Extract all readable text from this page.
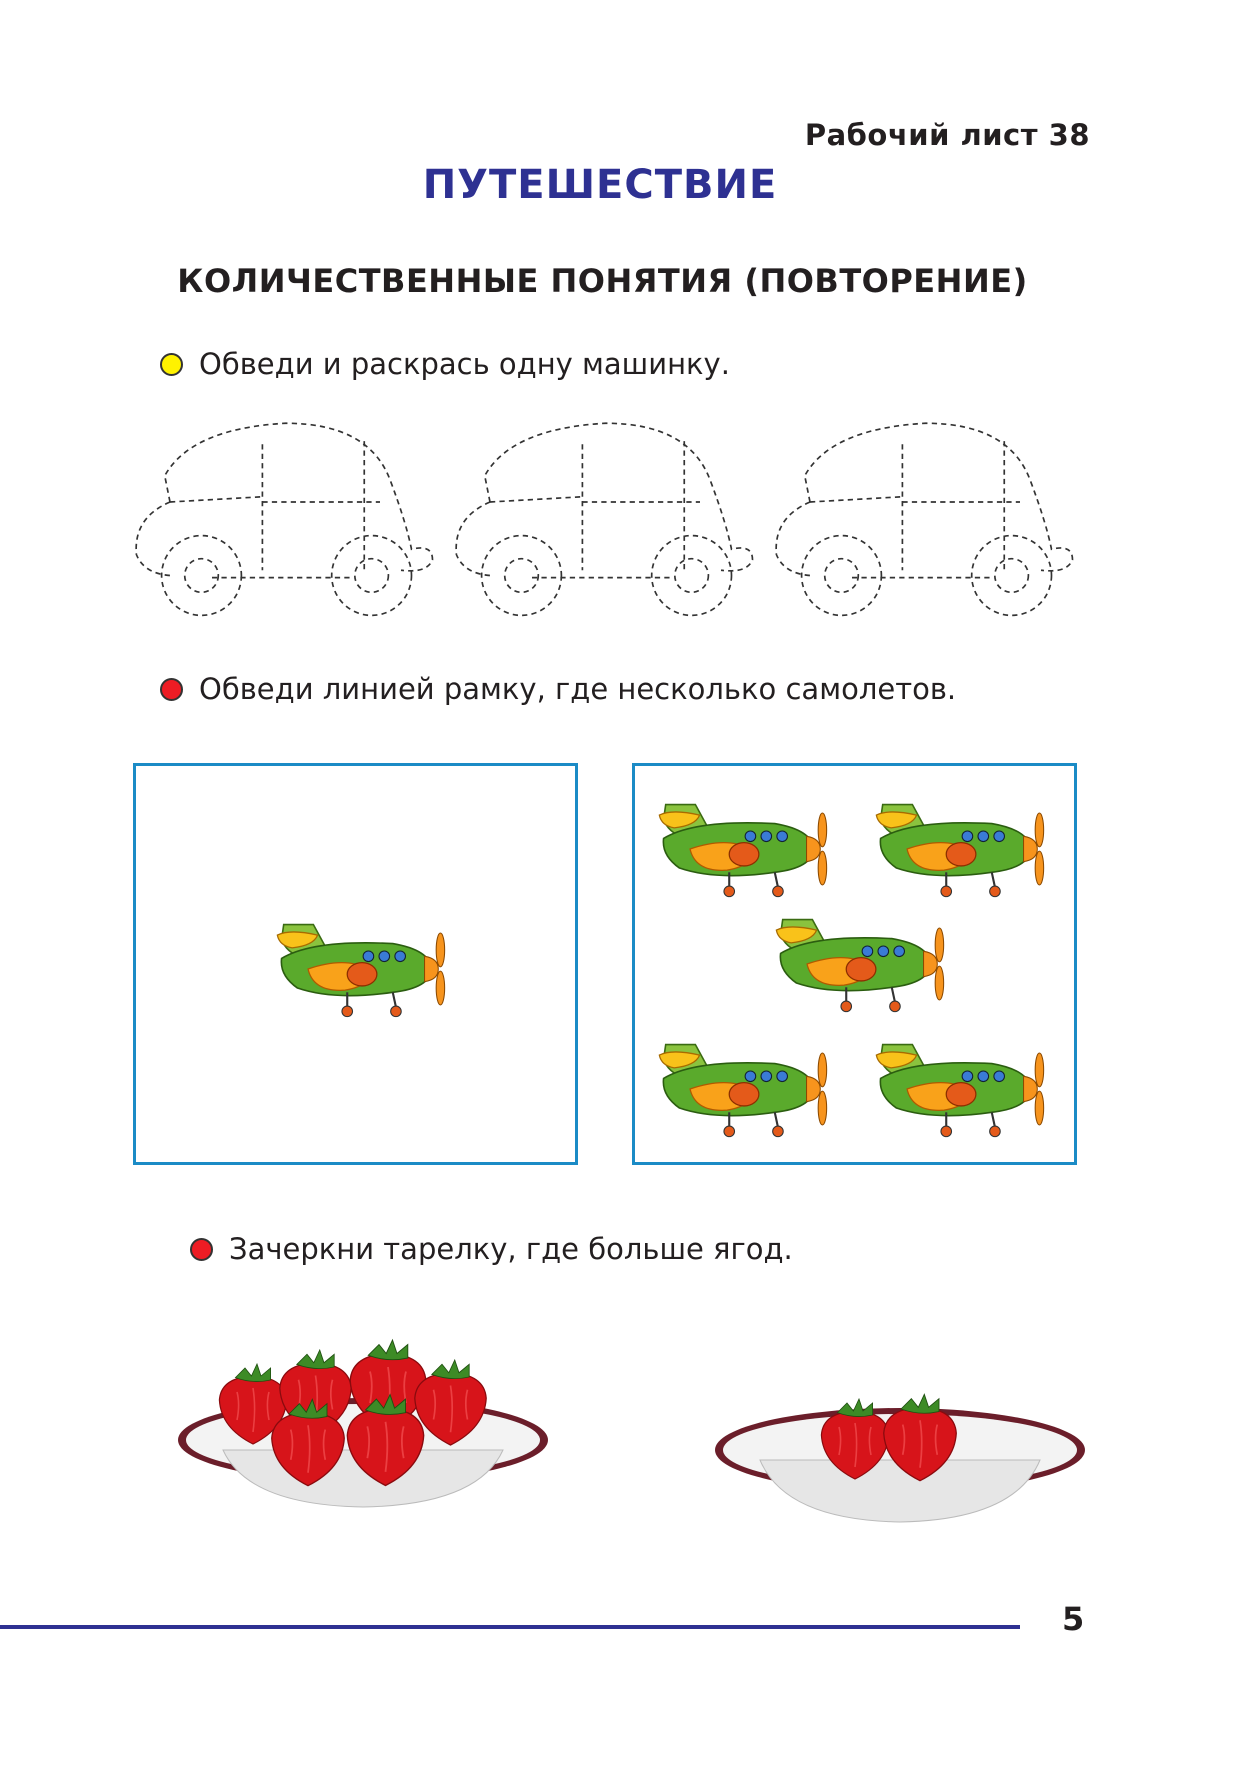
Рабочий лист 38
ПУТЕШЕСТВИЕ
КОЛИЧЕСТВЕННЫЕ ПОНЯТИЯ (ПОВТОРЕНИЕ)
Обведи и раскрась одну машинку.
Обведи линией рамку, где несколько самолетов.
Зачеркни тарелку, где больше ягод.
5
